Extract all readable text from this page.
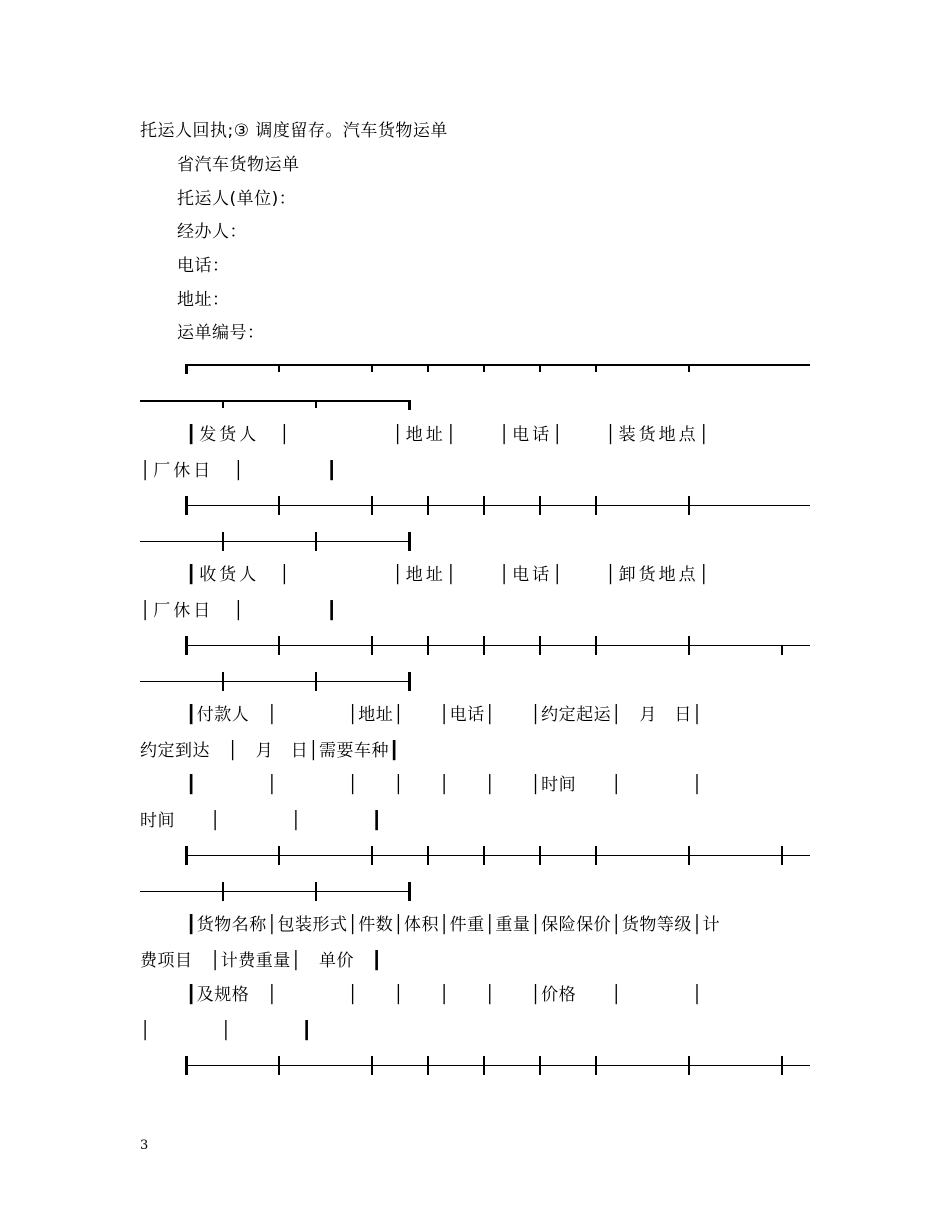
托运人回执;③ 调度留存。汽车货物运单
省汽车货物运单
托运人(单位)：
经办人：
电话：
地址：
运单编号：
┃发货人　│　　　　　│地址│　　│电话│　　│装货地点│
│厂休日　│　　　　┃
┃收货人　│　　　　　│地址│　　│电话│　　│卸货地点│
│厂休日　│　　　　┃
┃付款人　│　　　　│地址│　　│电话│　　│约定起运│　月　日│
约定到达　│　月　日│需要车种┃
┃　　　　│　　　　│　　│　　│　　│　　│时间　　│　　　　│
时间　　│　　　　│　　　　┃
┃货物名称│包装形式│件数│体积│件重│重量│保险保价│货物等级│计
费项目　│计费重量│　单价　┃
┃及规格　│　　　　│　　│　　│　　│　　│价格　　│　　　　│
│　　　　│　　　　┃
3
